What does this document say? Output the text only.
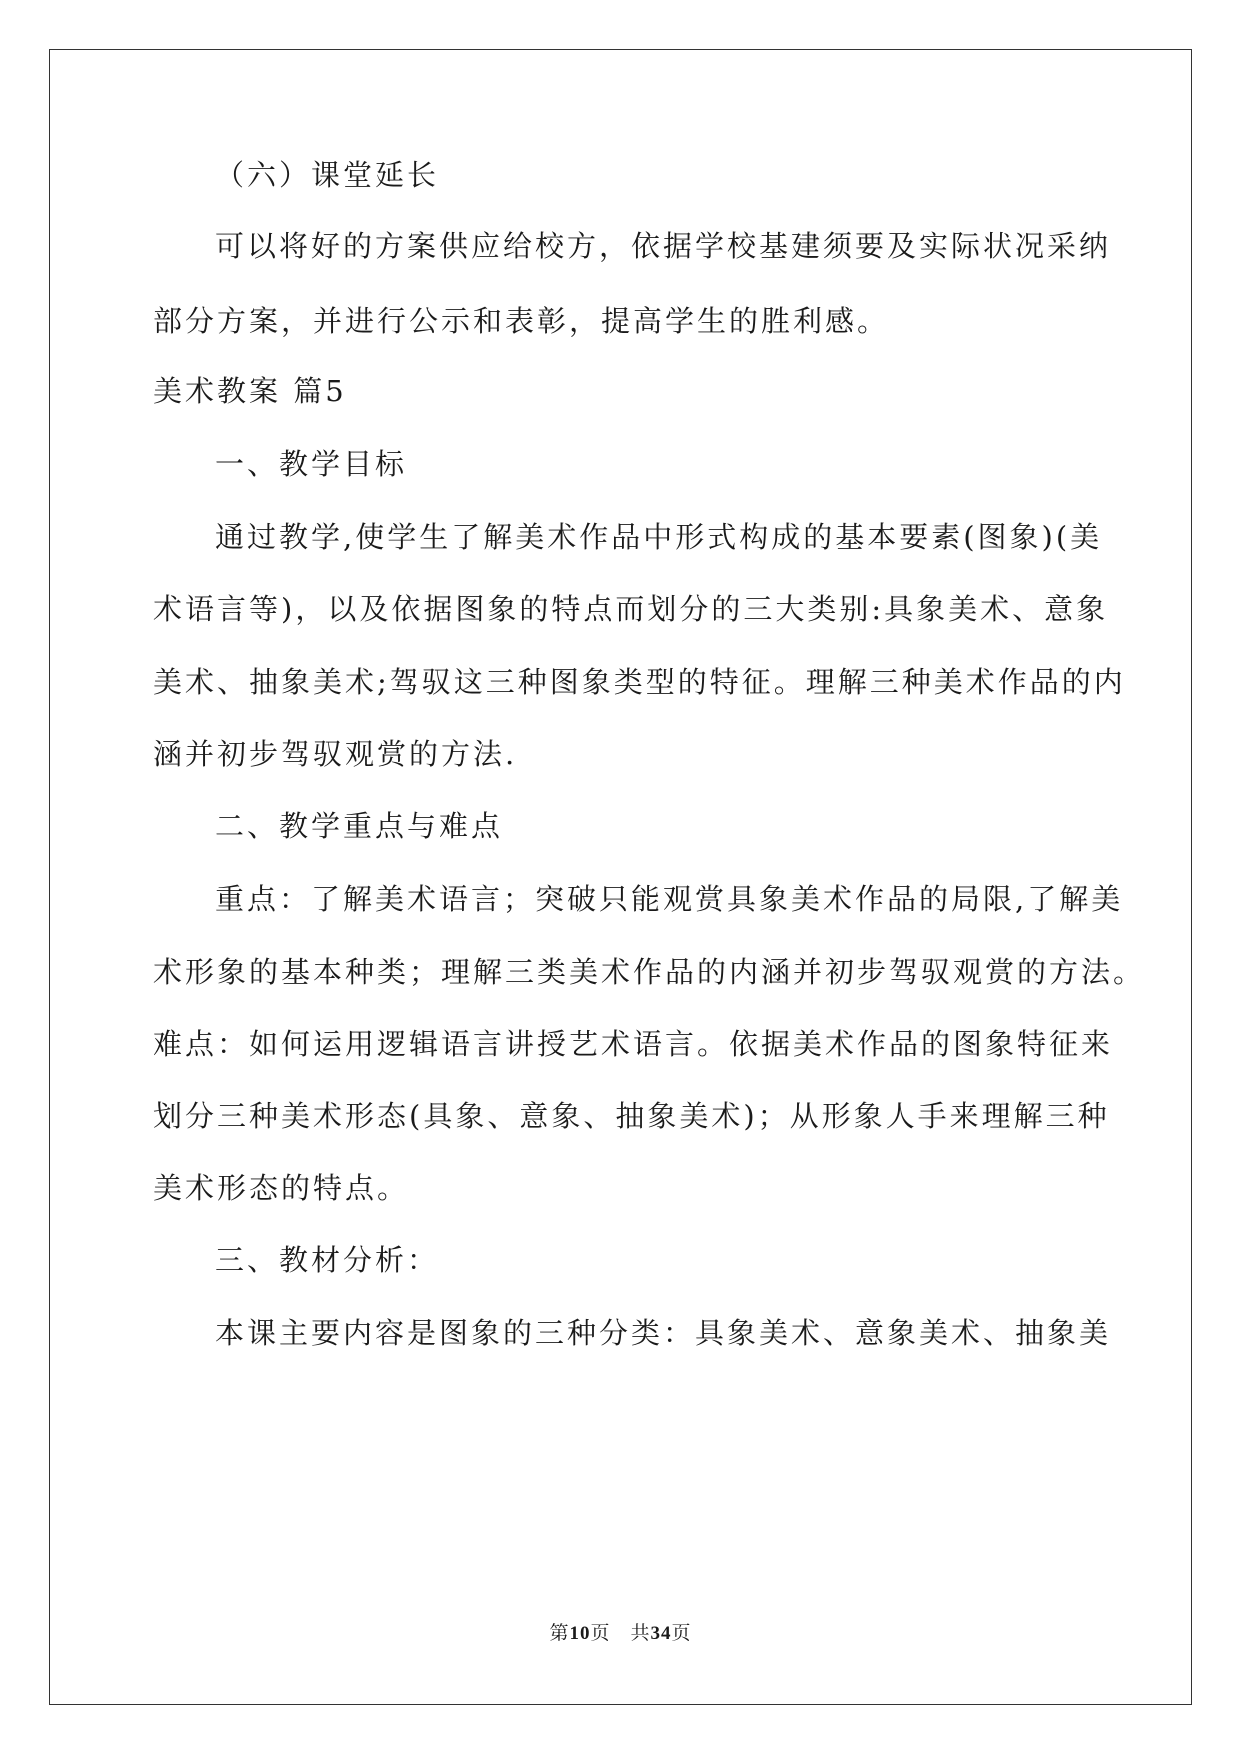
（六）课堂延长
可以将好的方案供应给校方，依据学校基建须要及实际状况采纳
部分方案，并进行公示和表彰，提高学生的胜利感。
美术教案 篇5
一、教学目标
通过教学,使学生了解美术作品中形式构成的基本要素(图象)(美
术语言等)，以及依据图象的特点而划分的三大类别:具象美术、意象
美术、抽象美术;驾驭这三种图象类型的特征。理解三种美术作品的内
涵并初步驾驭观赏的方法.
二、教学重点与难点
重点：了解美术语言；突破只能观赏具象美术作品的局限,了解美
术形象的基本种类；理解三类美术作品的内涵并初步驾驭观赏的方法。
难点：如何运用逻辑语言讲授艺术语言。依据美术作品的图象特征来
划分三种美术形态(具象、意象、抽象美术)；从形象人手来理解三种
美术形态的特点。
三、教材分析：
本课主要内容是图象的三种分类：具象美术、意象美术、抽象美
第10页　共34页
